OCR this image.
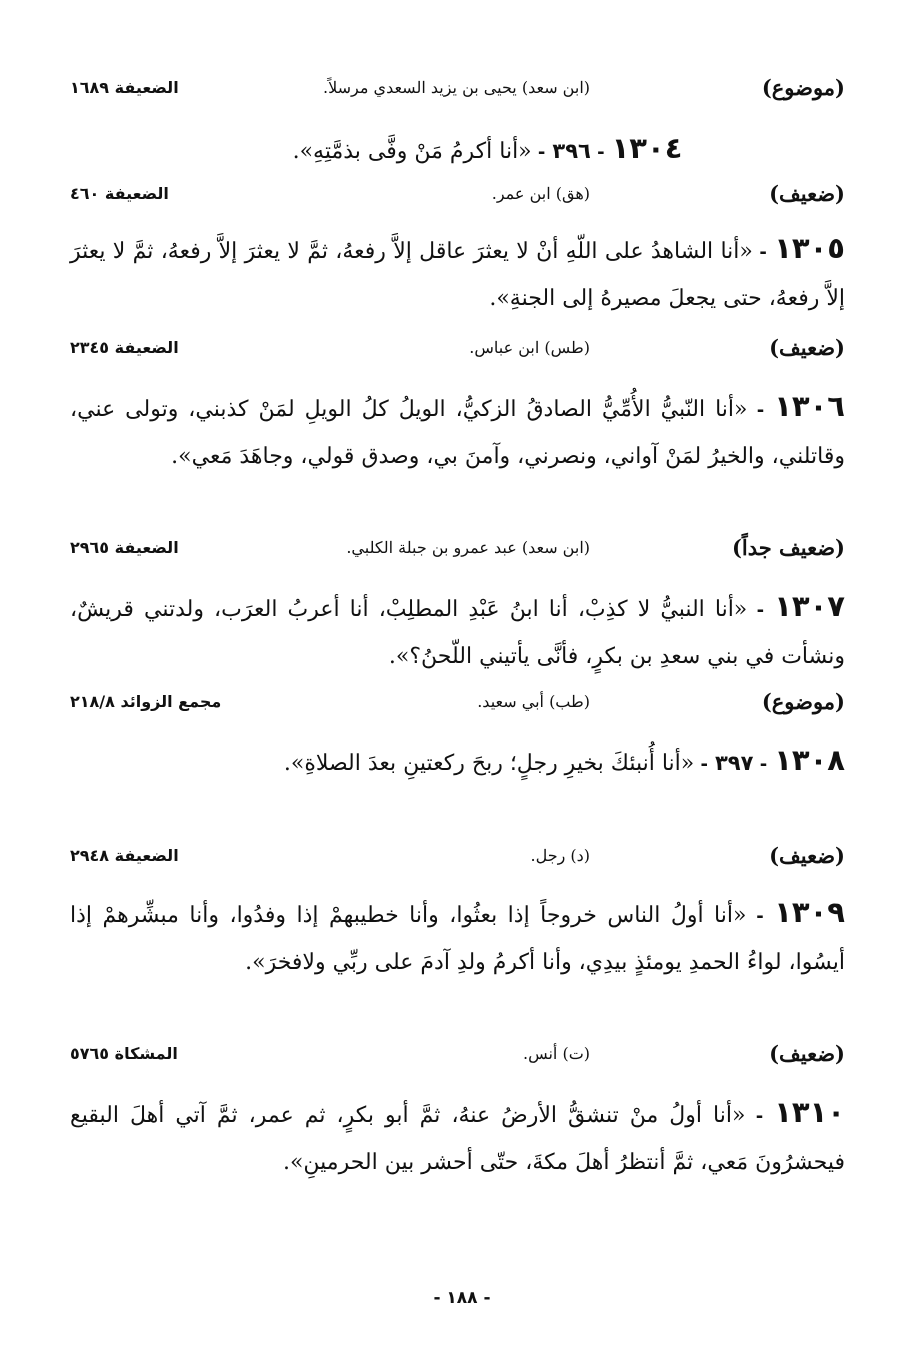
(موضوع)
(ابن سعد) يحيى بن يزيد السعدي مرسلاً.
الضعيفة ١٦٨٩
١٣٠٤ - ٣٩٦ - «أنا أكرمُ مَنْ وفَّى بذمَّتِهِ».
(ضعيف)
(هق) ابن عمر.
الضعيفة ٤٦٠
١٣٠٥ - «أنا الشاهدُ على اللّهِ أنْ لا يعثرَ عاقل إلاَّ رفعهُ، ثمَّ لا يعثرَ إلاَّ رفعهُ، ثمَّ لا يعثرَ إلاَّ رفعهُ، حتى يجعلَ مصيرهُ إلى الجنةِ».
(ضعيف)
(طس) ابن عباس.
الضعيفة ٢٣٤٥
١٣٠٦ - «أنا النّبيُّ الأُمِّيُّ الصادقُ الزكيُّ، الويلُ كلُ الويلِ لمَنْ كذبني، وتولى عني، وقاتلني، والخيرُ لمَنْ آواني، ونصرني، وآمنَ بي، وصدق قولي، وجاهَدَ مَعي».
(ضعيف جداً)
(ابن سعد) عبد عمرو بن جبلة الكلبي.
الضعيفة ٢٩٦٥
١٣٠٧ - «أنا النبيُّ لا كذِبْ، أنا ابنُ عَبْدِ المطلِبْ، أنا أعربُ العرَب، ولدتني قريشٌ، ونشأت في بني سعدِ بن بكرٍ، فأنَّى يأتيني اللّحنُ؟».
(موضوع)
(طب) أبي سعيد.
مجمع الزوائد ٢١٨/٨
١٣٠٨ - ٣٩٧ - «أنا أُنبئكَ بخيرِ رجلٍ؛ ربحَ ركعتينِ بعدَ الصلاةِ».
(ضعيف)
(د) رجل.
الضعيفة ٢٩٤٨
١٣٠٩ - «أنا أولُ الناس خروجاً إذا بعثُوا، وأنا خطيبهمْ إذا وفدُوا، وأنا مبشِّرهمْ إذا أيسُوا، لواءُ الحمدِ يومئذٍ بيدِي، وأنا أكرمُ ولدِ آدمَ على ربِّي ولافخرَ».
(ضعيف)
(ت) أنس.
المشكاة ٥٧٦٥
١٣١٠ - «أنا أولُ منْ تنشقُّ الأرضُ عنهُ، ثمَّ أبو بكرٍ، ثم عمر، ثمَّ آتي أهلَ البقيع فيحشرُونَ مَعي، ثمَّ أنتظرُ أهلَ مكةَ، حتّى أحشر بين الحرمينِ».
- ١٨٨ -
